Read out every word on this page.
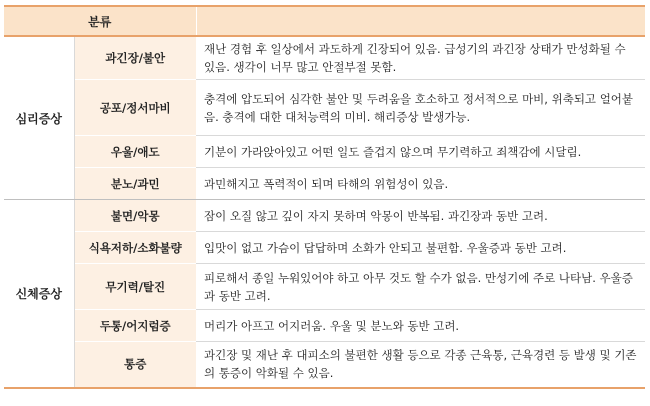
분류		
심리증상	과긴장/불안	재난 경험 후 일상에서 과도하게 긴장되어 있음. 급성기의 과긴장 상태가 만성화될 수 있음. 생각이 너무 많고 안절부절 못함.
	공포/정서마비	충격에 압도되어 심각한 불안 및 두려움을 호소하고 정서적으로 마비, 위축되고 얼어붙음. 충격에 대한 대처능력의 미비. 해리증상 발생가능.
	우울/애도	기분이 가라앉아있고 어떤 일도 즐겁지 않으며 무기력하고 죄책감에 시달림.
	분노/과민	과민해지고 폭력적이 되며 타해의 위험성이 있음.
신체증상	불면/악몽	잠이 오질 않고 깊이 자지 못하며 악몽이 반복됨. 과긴장과 동반 고려.
	식욕저하/소화불량	입맛이 없고 가슴이 답답하며 소화가 안되고 불편함. 우울증과 동반 고려.
	무기력/탈진	피로해서 종일 누워있어야 하고 아무 것도 할 수가 없음. 만성기에 주로 나타남. 우울증과 동반 고려.
	두통/어지럼증	머리가 아프고 어지러움. 우울 및 분노와 동반 고려.
	통증	과긴장 및 재난 후 대피소의 불편한 생활 등으로 각종 근육통, 근육경련 등 발생 및 기존의 통증이 악화될 수 있음.
